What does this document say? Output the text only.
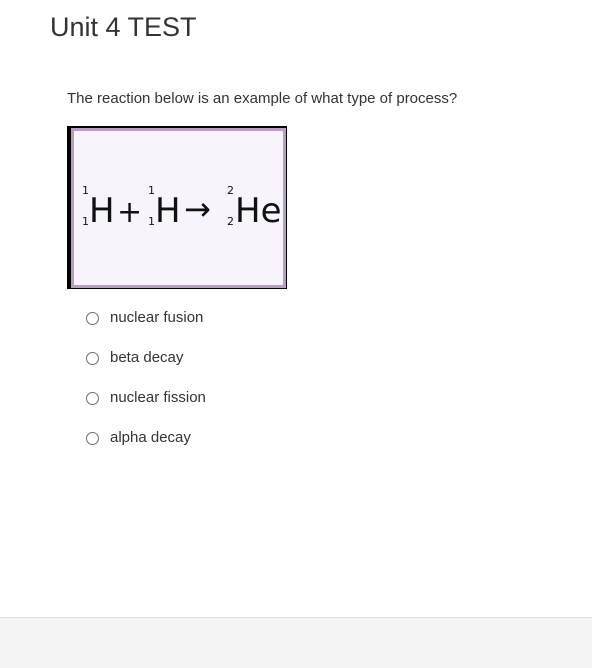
Unit 4 TEST
The reaction below is an example of what type of process?
1
1 H +
1
1 H → 2
2 He
nuclear fusion
beta decay
nuclear fission
alpha decay
